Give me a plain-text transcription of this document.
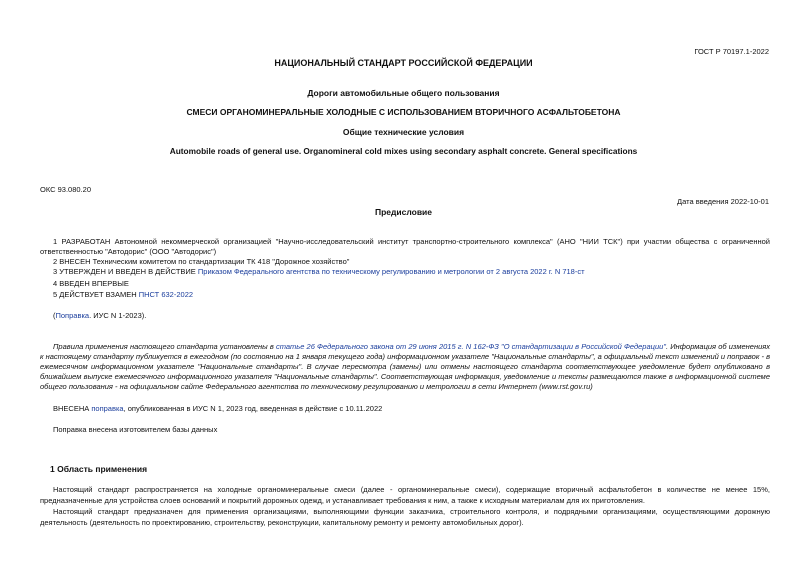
ГОСТ Р 70197.1-2022
НАЦИОНАЛЬНЫЙ СТАНДАРТ РОССИЙСКОЙ ФЕДЕРАЦИИ
Дороги автомобильные общего пользования
СМЕСИ ОРГАНОМИНЕРАЛЬНЫЕ ХОЛОДНЫЕ С ИСПОЛЬЗОВАНИЕМ ВТОРИЧНОГО АСФАЛЬТОБЕТОНА
Общие технические условия
Automobile roads of general use. Organomineral cold mixes using secondary asphalt concrete. General specifications
ОКС 93.080.20
Дата введения 2022-10-01
Предисловие
1 РАЗРАБОТАН Автономной некоммерческой организацией "Научно-исследовательский институт транспортно-строительного комплекса" (АНО "НИИ ТСК") при участии общества с ограниченной ответственностью "Автодорис" (ООО "Автодорис")
2 ВНЕСЕН Техническим комитетом по стандартизации ТК 418 "Дорожное хозяйство"
3 УТВЕРЖДЕН И ВВЕДЕН В ДЕЙСТВИЕ Приказом Федерального агентства по техническому регулированию и метрологии от 2 августа 2022 г. N 718-ст
4 ВВЕДЕН ВПЕРВЫЕ
5 ДЕЙСТВУЕТ ВЗАМЕН ПНСТ 632-2022
(Поправка. ИУС N 1-2023).
Правила применения настоящего стандарта установлены в статье 26 Федерального закона от 29 июня 2015 г. N 162-ФЗ "О стандартизации в Российской Федерации". Информация об изменениях к настоящему стандарту публикуется в ежегодном (по состоянию на 1 января текущего года) информационном указателе "Национальные стандарты", а официальный текст изменений и поправок - в ежемесячном информационном указателе "Национальные стандарты". В случае пересмотра (замены) или отмены настоящего стандарта соответствующее уведомление будет опубликовано в ближайшем выпуске ежемесячного информационного указателя "Национальные стандарты". Соответствующая информация, уведомление и тексты размещаются также в информационной системе общего пользования - на официальном сайте Федерального агентства по техническому регулированию и метрологии в сети Интернет (www.rst.gov.ru)
ВНЕСЕНА поправка, опубликованная в ИУС N 1, 2023 год, введенная в действие с 10.11.2022
Поправка внесена изготовителем базы данных
1 Область применения
Настоящий стандарт распространяется на холодные органоминеральные смеси (далее - органоминеральные смеси), содержащие вторичный асфальтобетон в количестве не менее 15%, предназначенные для устройства слоев оснований и покрытий дорожных одежд, и устанавливает требования к ним, а также к исходным материалам для их приготовления.
Настоящий стандарт предназначен для применения организациями, выполняющими функции заказчика, строительного контроля, и подрядными организациями, осуществляющими дорожную деятельность (деятельность по проектированию, строительству, реконструкции, капитальному ремонту и ремонту автомобильных дорог).
